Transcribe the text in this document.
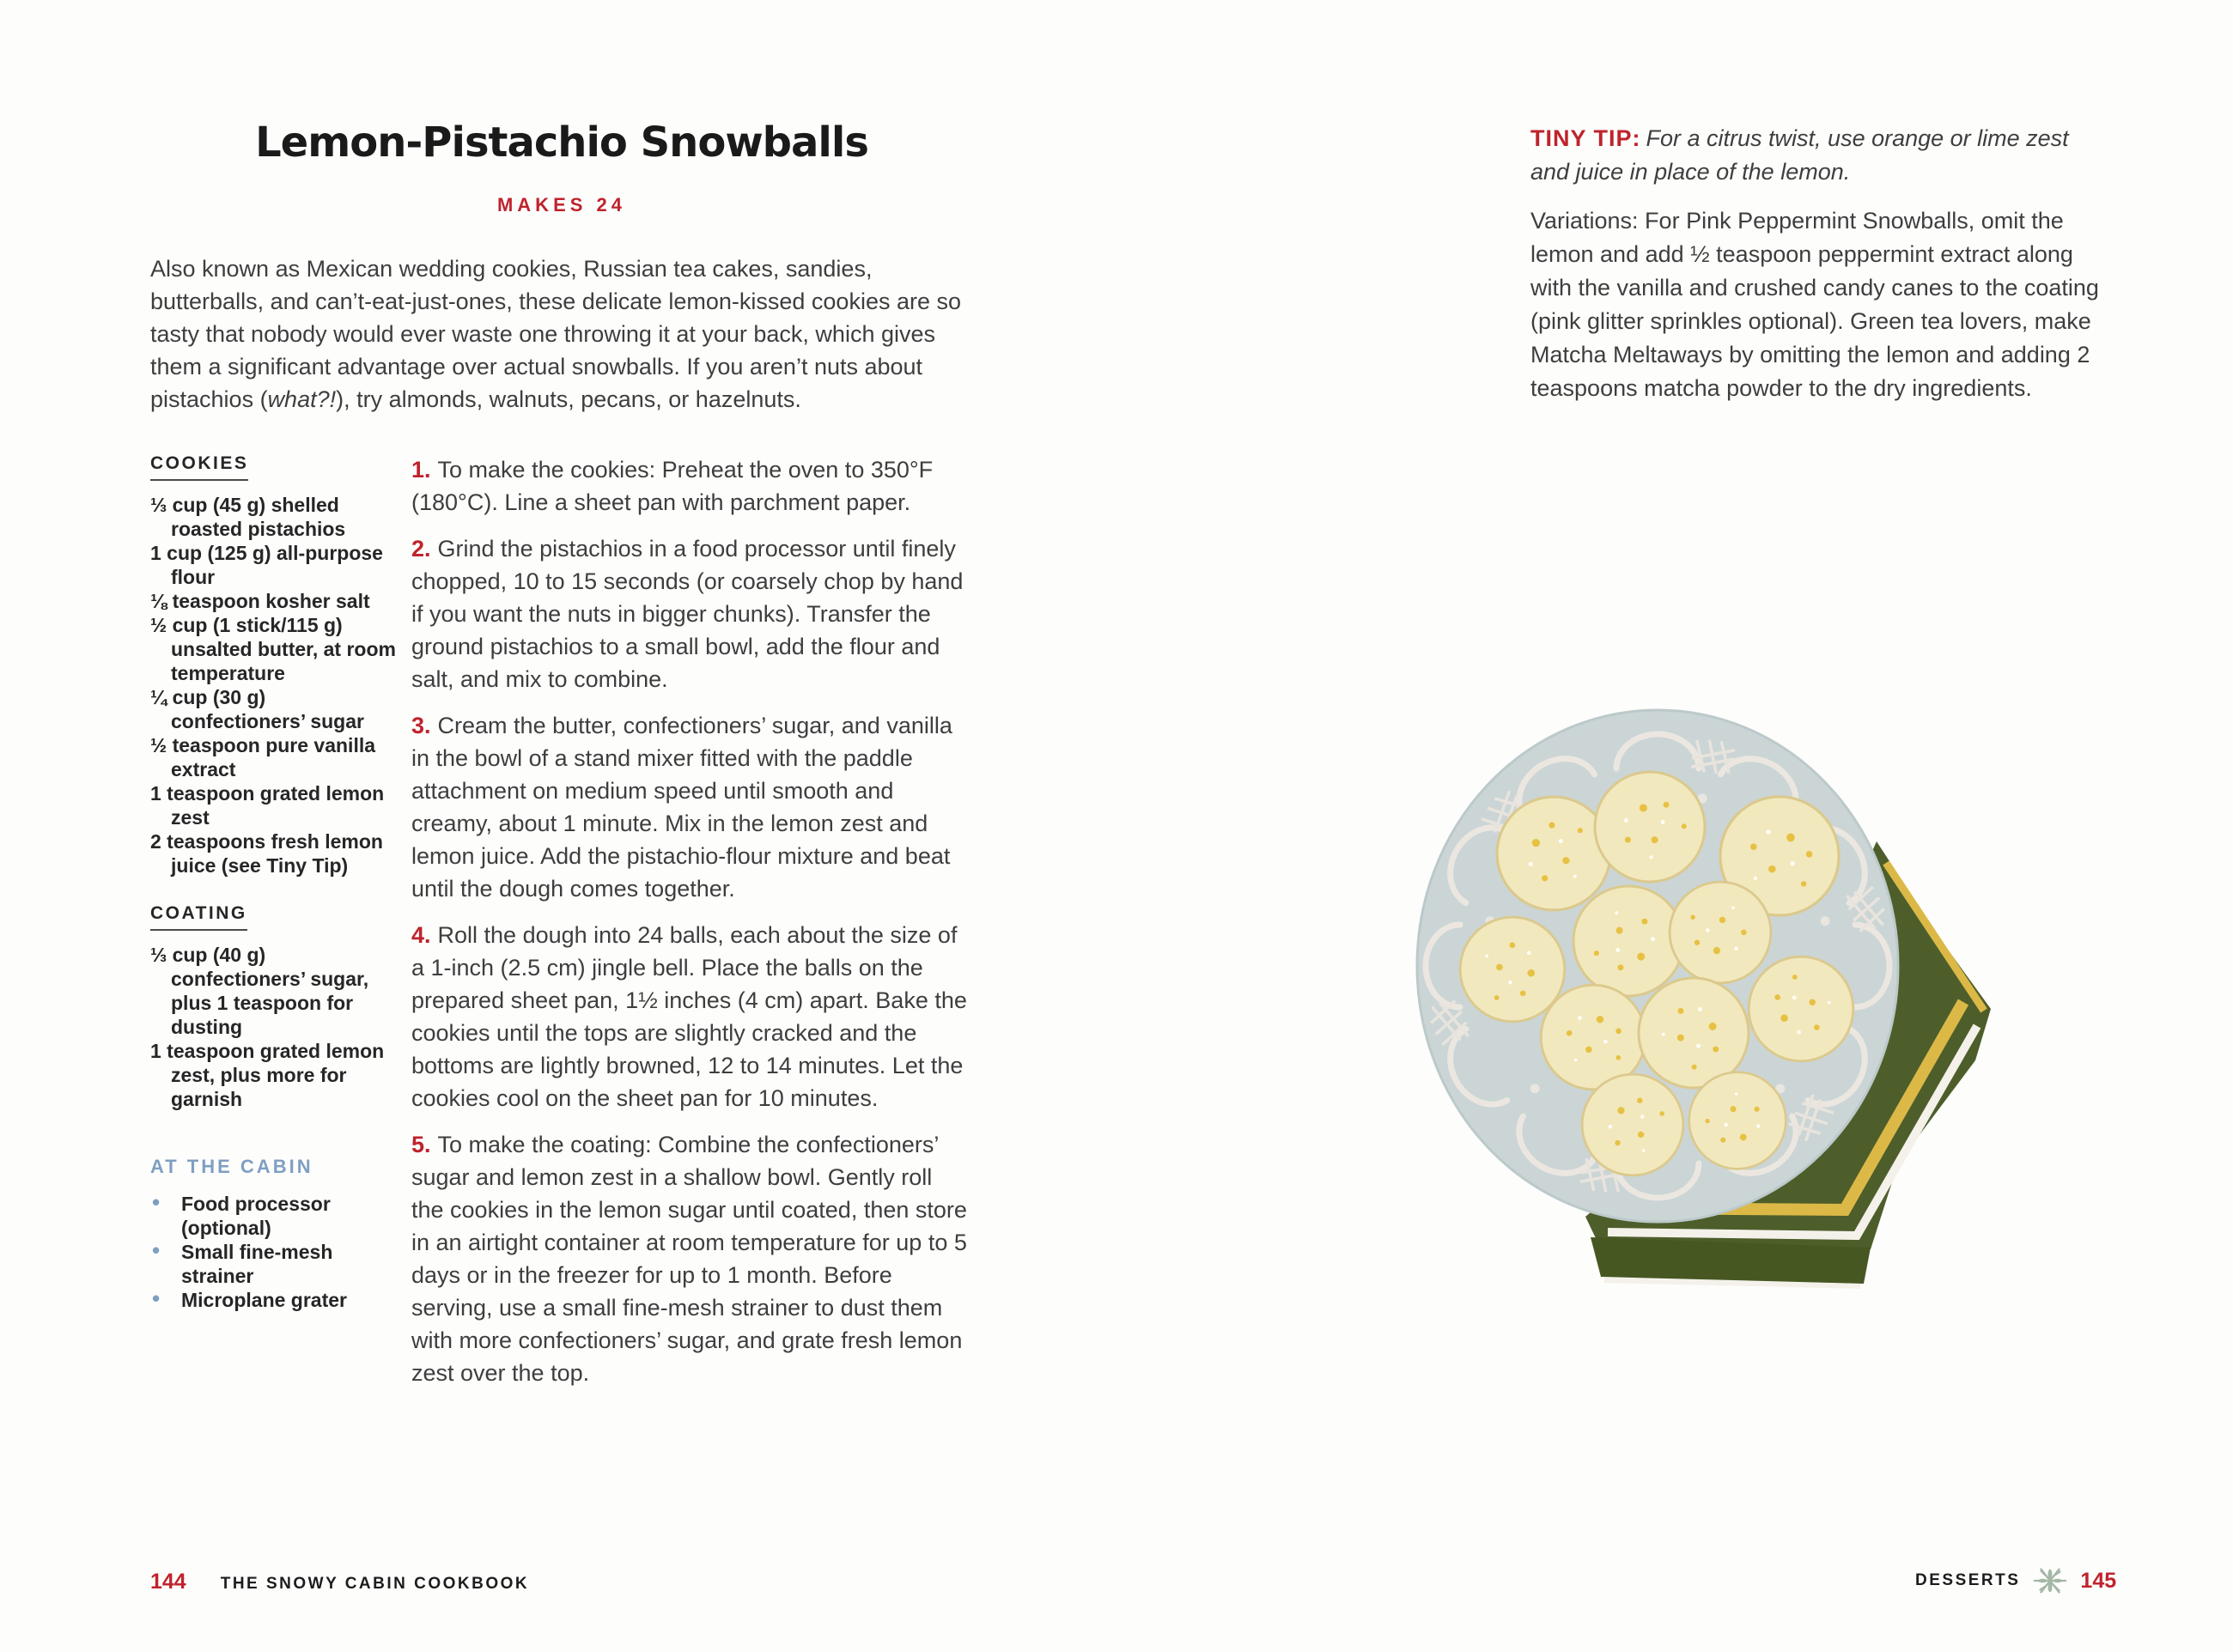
Lemon-Pistachio Snowballs
MAKES 24

Also known as Mexican wedding cookies, Russian tea cakes, sandies, butterballs, and can’t-eat-just-ones, these delicate lemon-kissed cookies are so tasty that nobody would ever waste one throwing it at your back, which gives them a significant advantage over actual snowballs. If you aren’t nuts about pistachios (what?!), try almonds, walnuts, pecans, or hazelnuts.

COOKIES

⅓ cup (45 g) shelled roasted pistachios

1 cup (125 g) all-purpose flour

⅛ teaspoon kosher salt

½ cup (1 stick/115 g) unsalted butter, at room temperature

¼ cup (30 g) confectioners’ sugar

½ teaspoon pure vanilla extract

1 teaspoon grated lemon zest

2 teaspoons fresh lemon juice (see Tiny Tip)

COATING

⅓ cup (40 g) confectioners’ sugar, plus 1 teaspoon for dusting

1 teaspoon grated lemon zest, plus more for garnish

AT THE CABIN

• Food processor (optional)

• Small fine-mesh strainer

• Microplane grater

1. To make the cookies: Preheat the oven to 350°F (180°C). Line a sheet pan with parchment paper.

2. Grind the pistachios in a food processor until finely chopped, 10 to 15 seconds (or coarsely chop by hand if you want the nuts in bigger chunks). Transfer the ground pistachios to a small bowl, add the flour and salt, and mix to combine.

3. Cream the butter, confectioners’ sugar, and vanilla in the bowl of a stand mixer fitted with the paddle attachment on medium speed until smooth and creamy, about 1 minute. Mix in the lemon zest and lemon juice. Add the pistachio-flour mixture and beat until the dough comes together.

4. Roll the dough into 24 balls, each about the size of a 1-inch (2.5 cm) jingle bell. Place the balls on the prepared sheet pan, 1½ inches (4 cm) apart. Bake the cookies until the tops are slightly cracked and the bottoms are lightly browned, 12 to 14 minutes. Let the cookies cool on the sheet pan for 10 minutes.

5. To make the coating: Combine the confectioners’ sugar and lemon zest in a shallow bowl. Gently roll the cookies in the lemon sugar until coated, then store in an airtight container at room temperature for up to 5 days or in the freezer for up to 1 month. Before serving, use a small fine-mesh strainer to dust them with more confectioners’ sugar, and grate fresh lemon zest over the top.

144 THE SNOWY CABIN COOKBOOK

TINY TIP: For a citrus twist, use orange or lime zest and juice in place of the lemon.

Variations: For Pink Peppermint Snowballs, omit the lemon and add ½ teaspoon peppermint extract along with the vanilla and crushed candy canes to the coating (pink glitter sprinkles optional). Green tea lovers, make Matcha Meltaways by omitting the lemon and adding 2 teaspoons matcha powder to the dry ingredients.

DESSERTS	145
